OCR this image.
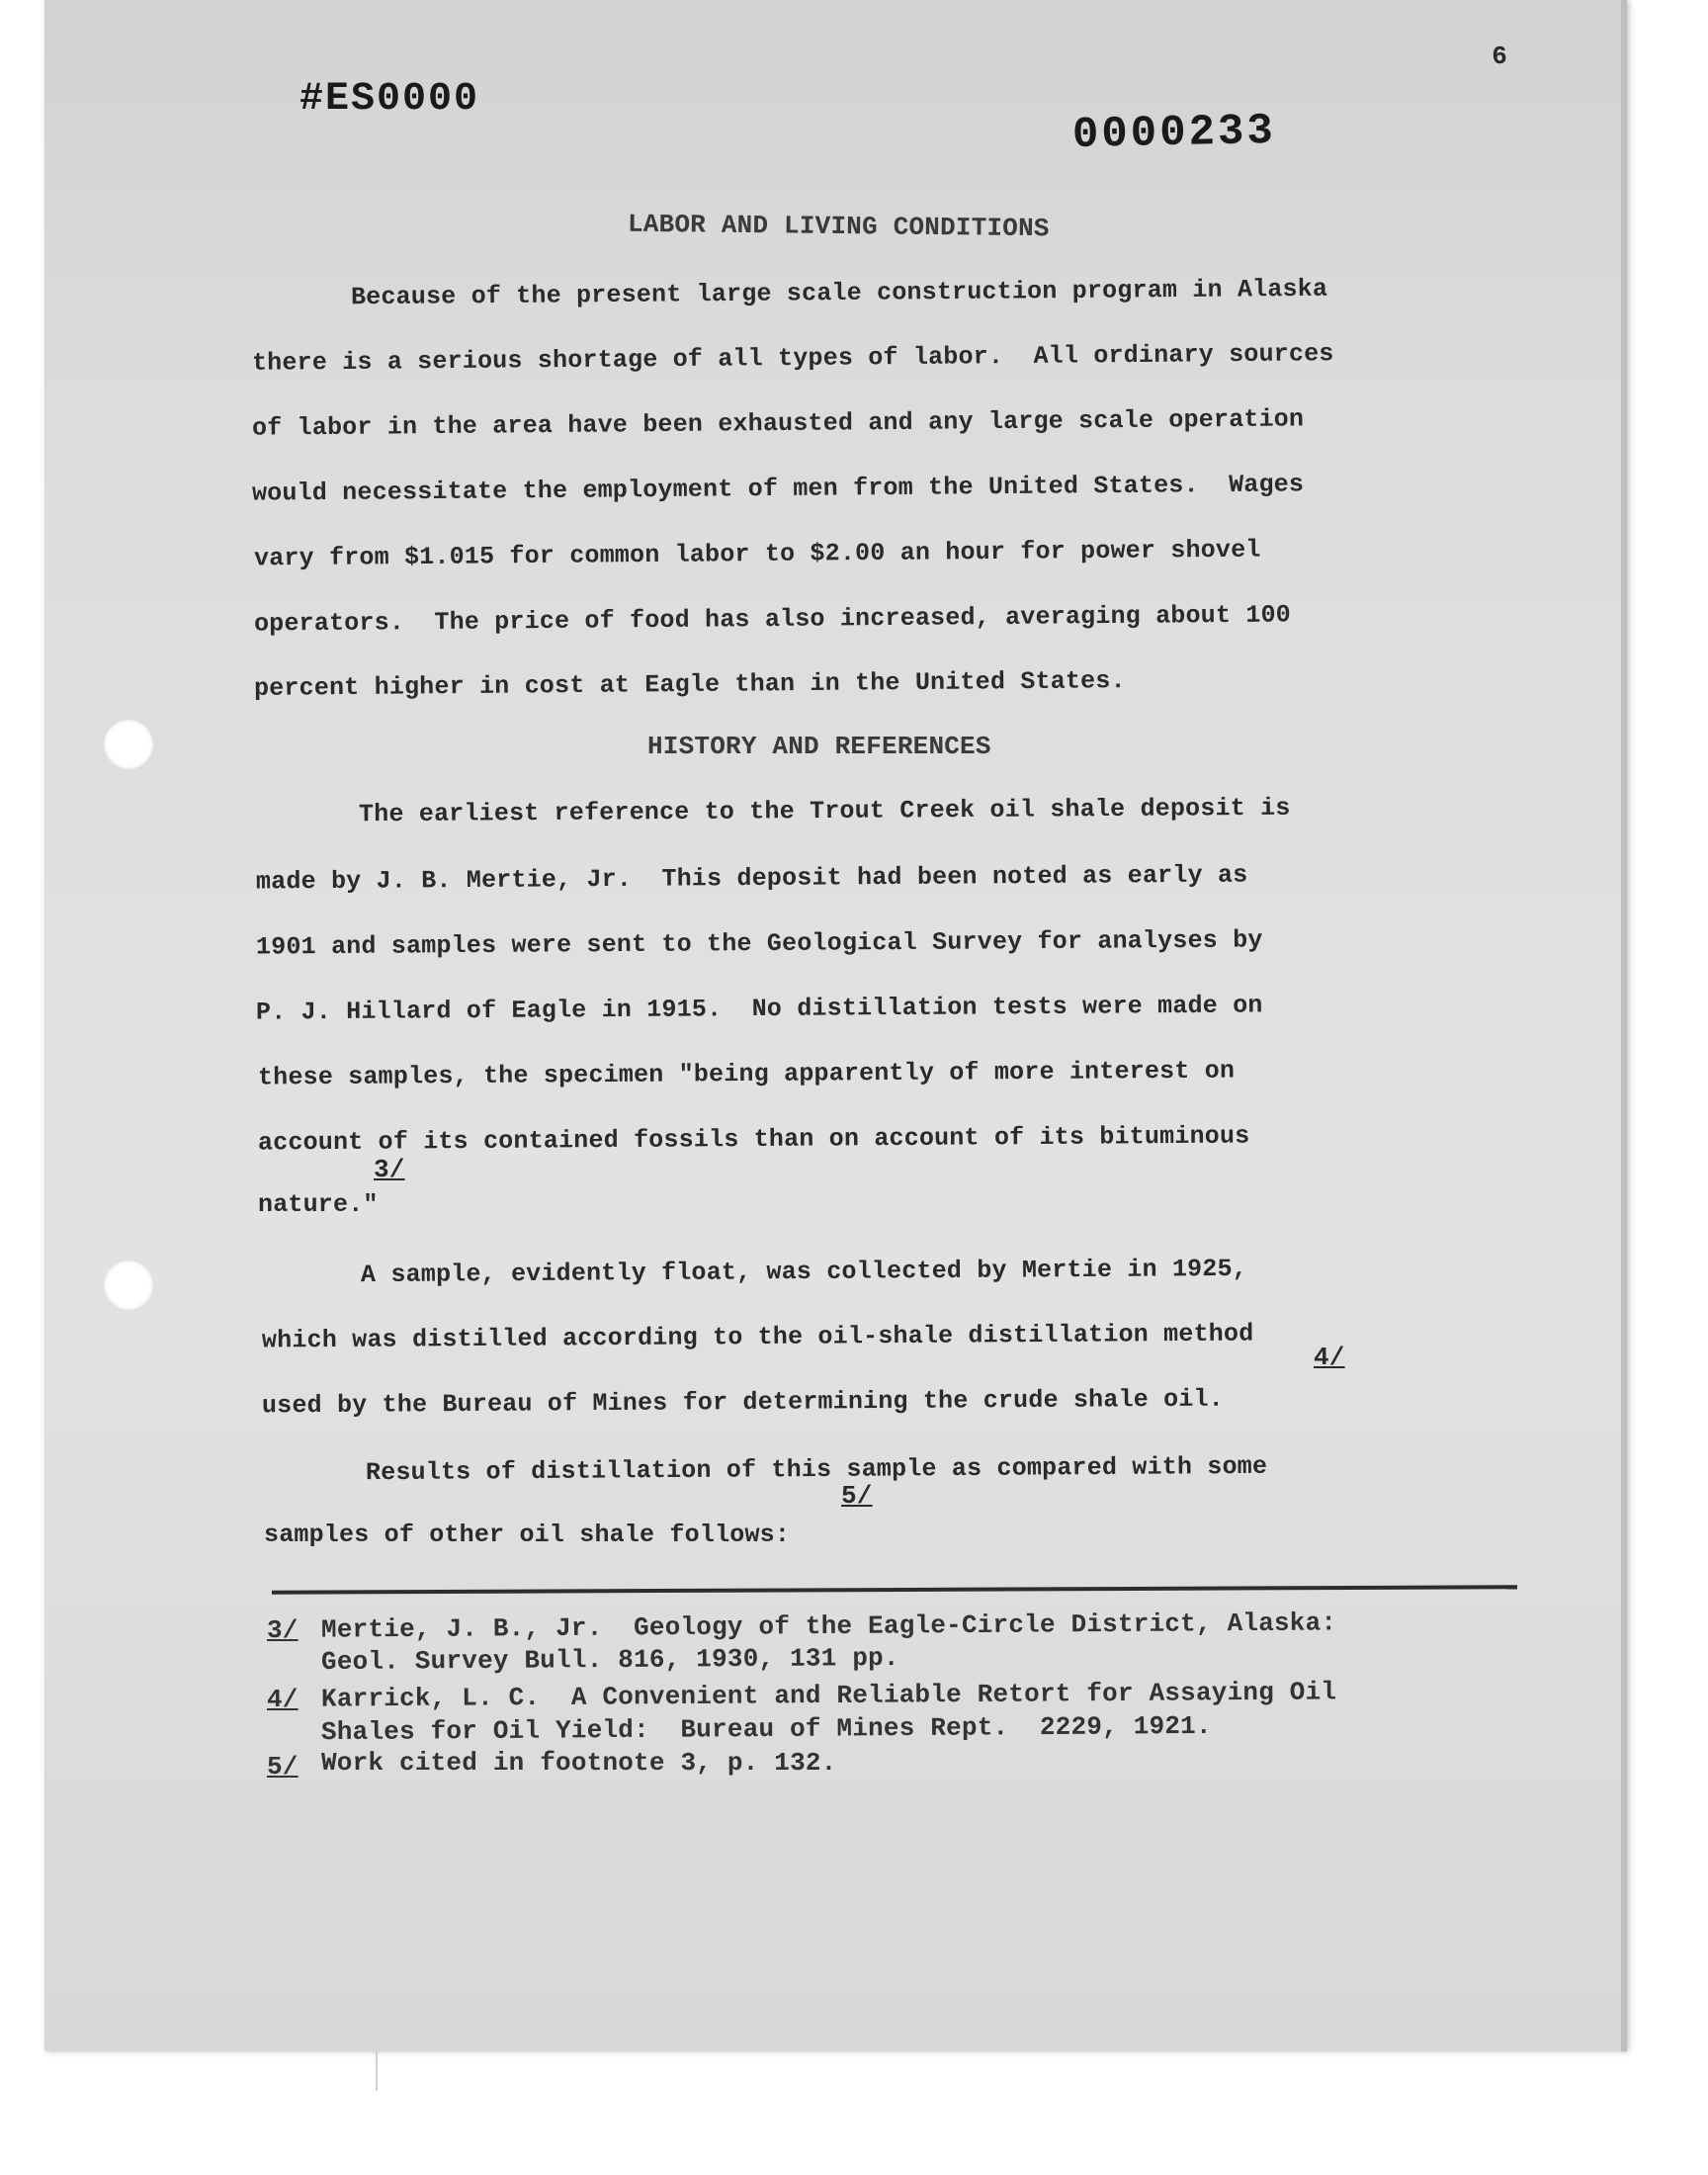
6
#ES0000
0000233
LABOR AND LIVING CONDITIONS
Because of the present large scale construction program in Alaska
there is a serious shortage of all types of labor.  All ordinary sources
of labor in the area have been exhausted and any large scale operation
would necessitate the employment of men from the United States.  Wages
vary from $1.015 for common labor to $2.00 an hour for power shovel
operators.  The price of food has also increased, averaging about 100
percent higher in cost at Eagle than in the United States.
HISTORY AND REFERENCES
The earliest reference to the Trout Creek oil shale deposit is
made by J. B. Mertie, Jr.  This deposit had been noted as early as
1901 and samples were sent to the Geological Survey for analyses by
P. J. Hillard of Eagle in 1915.  No distillation tests were made on
these samples, the specimen "being apparently of more interest on
account of its contained fossils than on account of its bituminous
3/
nature."
A sample, evidently float, was collected by Mertie in 1925,
which was distilled according to the oil-shale distillation method
4/
used by the Bureau of Mines for determining the crude shale oil.
Results of distillation of this sample as compared with some
5/
samples of other oil shale follows:
3/ Mertie, J. B., Jr.  Geology of the Eagle-Circle District, Alaska:
Geol. Survey Bull. 816, 1930, 131 pp.
4/ Karrick, L. C.  A Convenient and Reliable Retort for Assaying Oil
Shales for Oil Yield:  Bureau of Mines Rept.  2229, 1921.
5/ Work cited in footnote 3, p. 132.
